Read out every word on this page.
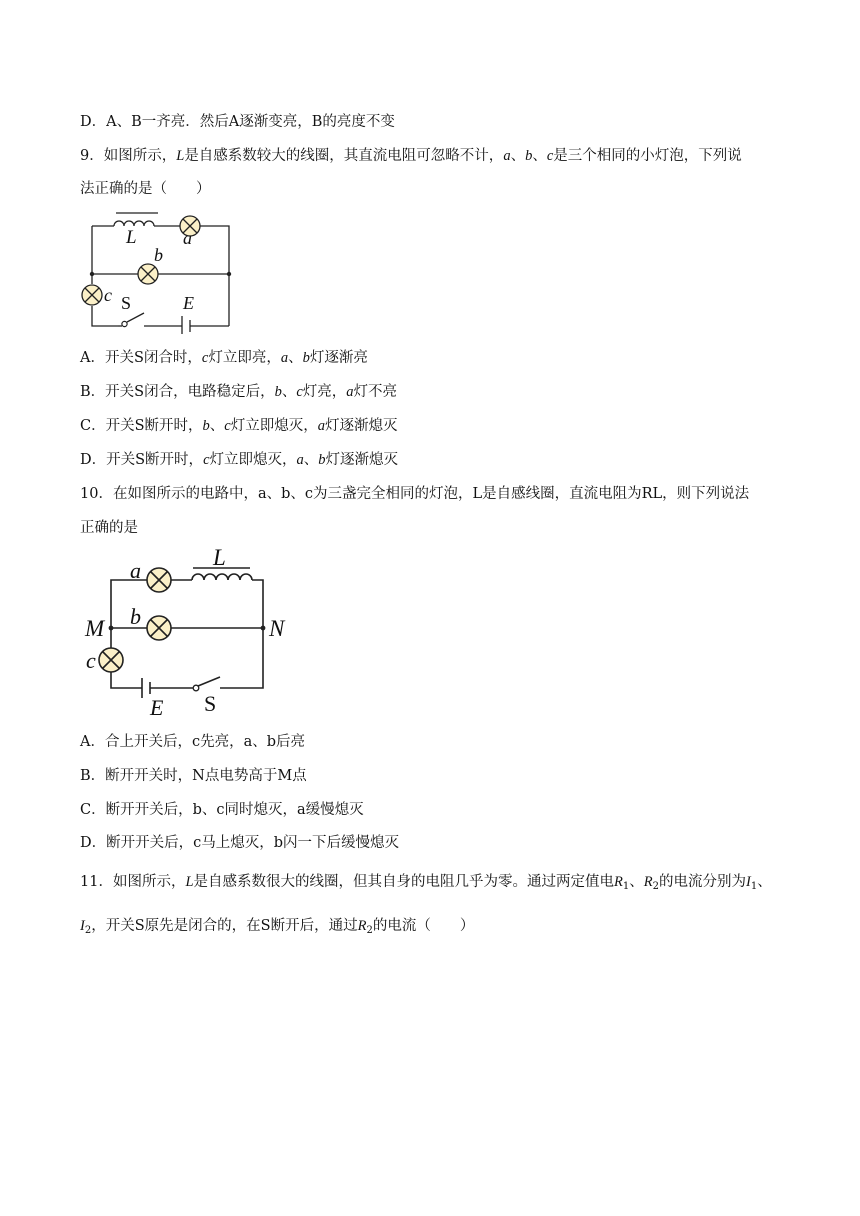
D．A、B一齐亮．然后A逐渐变亮，B的亮度不变
9．如图所示，L是自感系数较大的线圈，其直流电阻可忽略不计，a、b、c是三个相同的小灯泡，下列说
法正确的是（　　）
L	a
b
c S	E
A．开关S闭合时，c灯立即亮，a、b灯逐渐亮
B．开关S闭合，电路稳定后，b、c灯亮，a灯不亮
C．开关S断开时，b、c灯立即熄灭，a灯逐渐熄灭
D．开关S断开时，c灯立即熄灭，a、b灯逐渐熄灭
10．在如图所示的电路中，a、b、c为三盏完全相同的灯泡，L是自感线圈，直流电阻为RL，则下列说法
正确的是
a
L
b
M	N
c
E S
A．合上开关后，c先亮，a、b后亮
B．断开开关时，N点电势高于M点
C．断开开关后，b、c同时熄灭，a缓慢熄灭
D．断开开关后，c马上熄灭，b闪一下后缓慢熄灭
11．如图所示，L是自感系数很大的线圈，但其自身的电阻几乎为零。通过两定值电$R_1$、$R_2$的电流分别为$I_1$、
$I_2$，开关S原先是闭合的，在S断开后，通过$R_2$的电流（　　）
